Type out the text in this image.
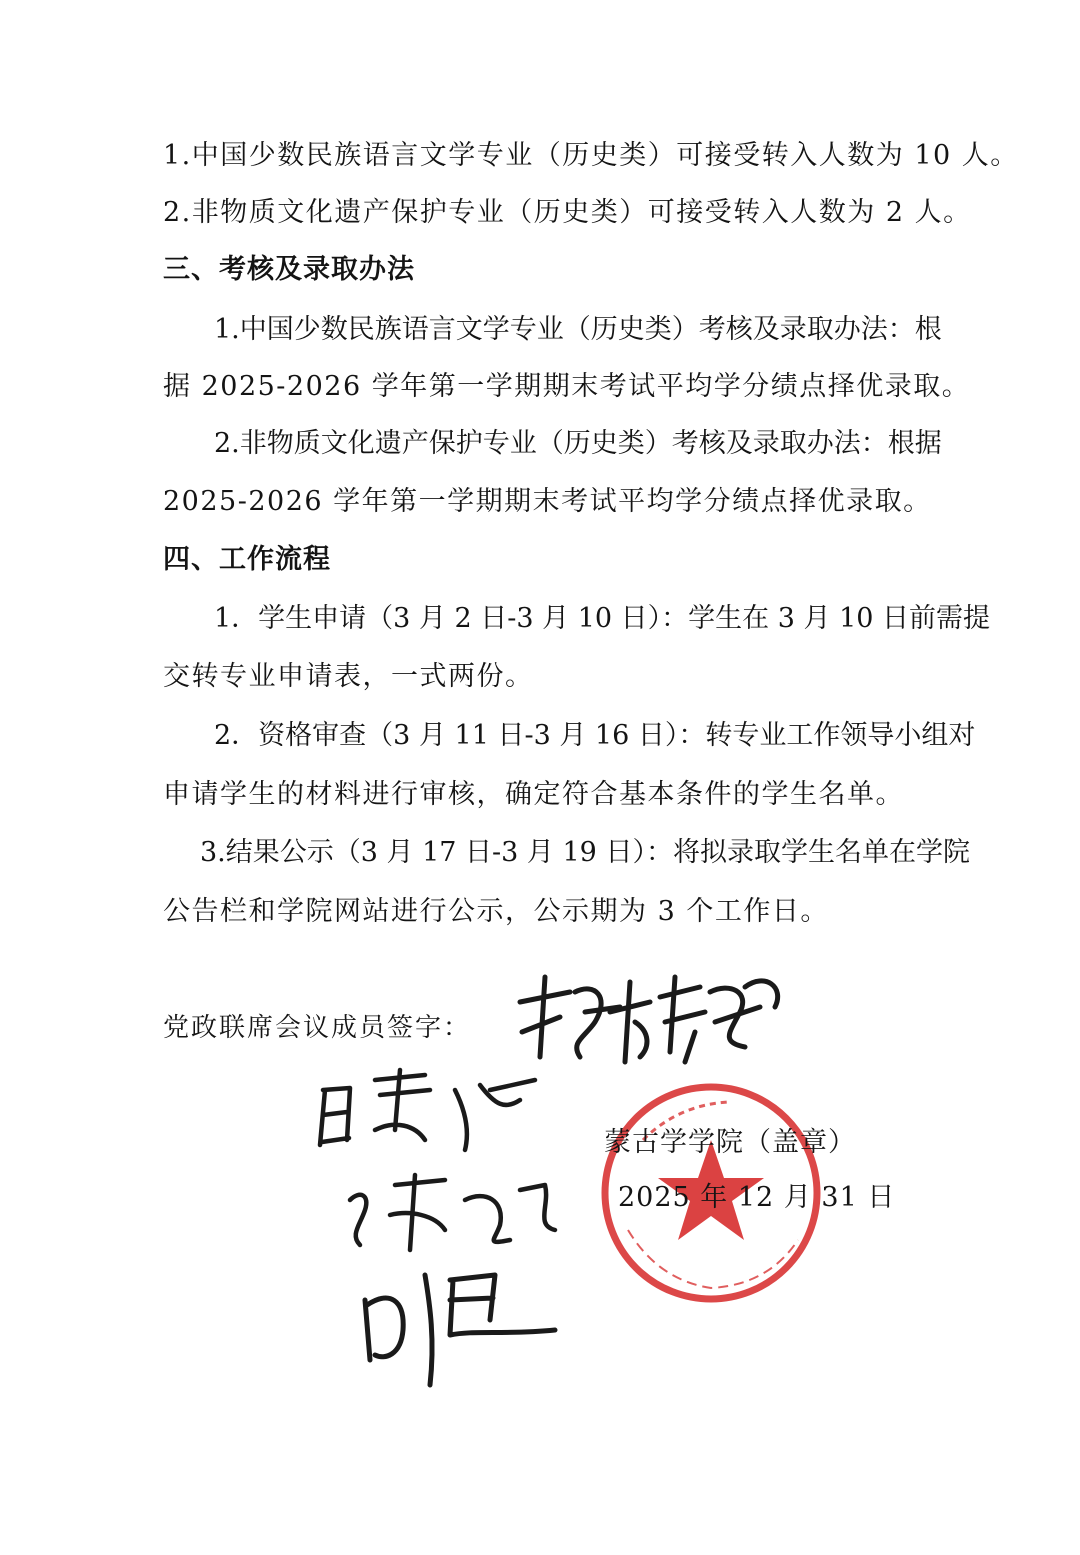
1.中国少数民族语言文学专业（历史类）可接受转入人数为 10 人。
2.非物质文化遗产保护专业（历史类）可接受转入人数为 2 人。
三、考核及录取办法
1.中国少数民族语言文学专业（历史类）考核及录取办法：根
据 2025-2026 学年第一学期期末考试平均学分绩点择优录取。
2.非物质文化遗产保护专业（历史类）考核及录取办法：根据
2025-2026 学年第一学期期末考试平均学分绩点择优录取。
四、工作流程
1．学生申请（3 月 2 日-3 月 10 日）：学生在 3 月 10 日前需提
交转专业申请表，一式两份。
2．资格审查（3 月 11 日-3 月 16 日）：转专业工作领导小组对
申请学生的材料进行审核，确定符合基本条件的学生名单。
3.结果公示（3 月 17 日-3 月 19 日）：将拟录取学生名单在学院
公告栏和学院网站进行公示，公示期为 3 个工作日。
党政联席会议成员签字：
蒙古学学院（盖章）
2025 年 12 月 31 日
